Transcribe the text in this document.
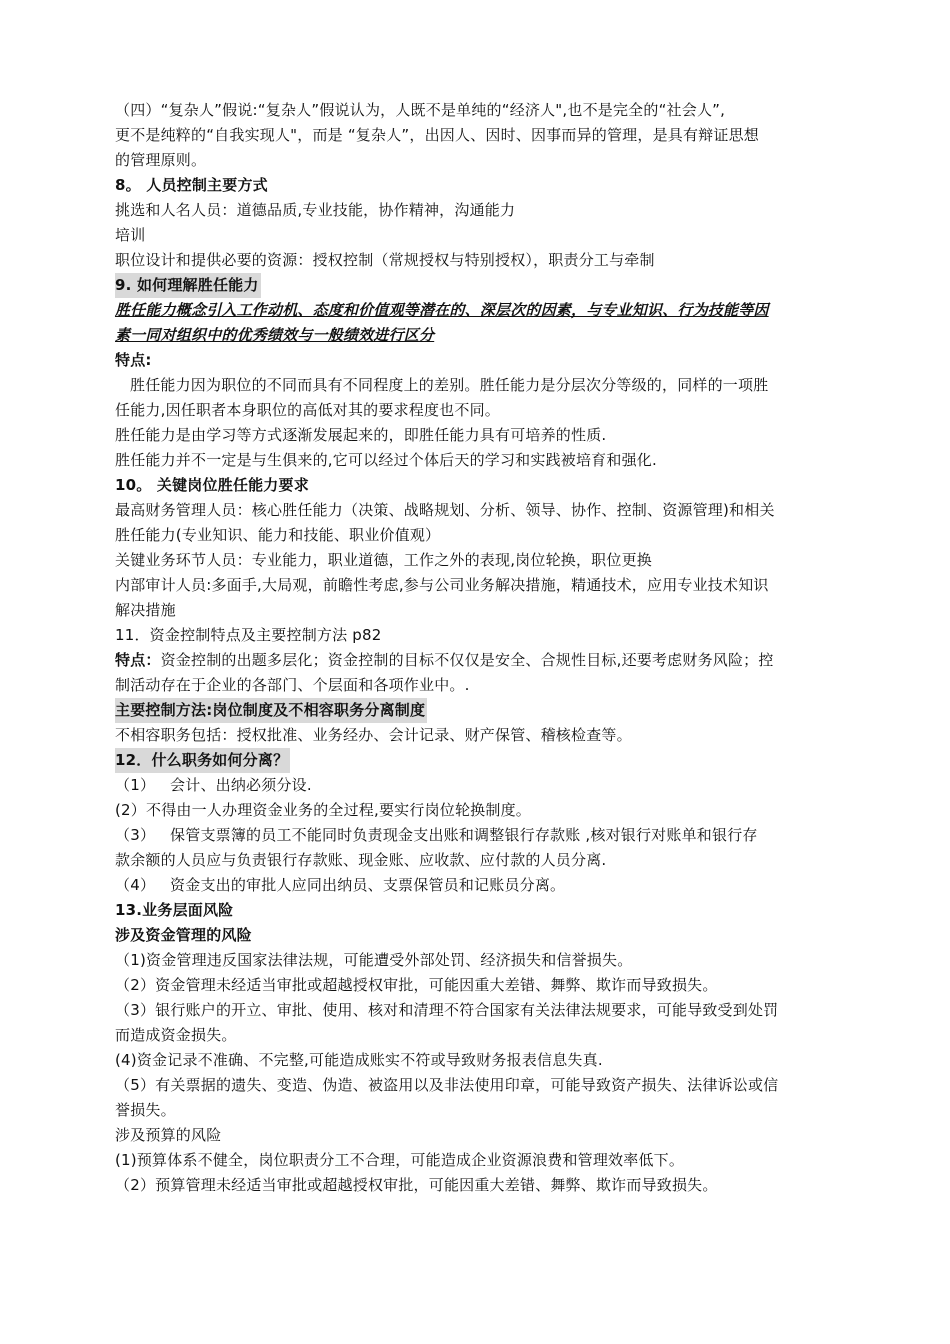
（四）“复杂人”假说:“复杂人”假说认为，人既不是单纯的“经济人",也不是完全的“社会人”,

更不是纯粹的“自我实现人"，而是 “复杂人”，出因人、因时、因事而异的管理，是具有辩证思想

的管理原则。

8。 人员控制主要方式

挑选和人名人员：道德品质,专业技能，协作精神，沟通能力

培训

职位设计和提供必要的资源：授权控制（常规授权与特别授权），职责分工与牵制

9. 如何理解胜任能力

胜任能力概念引入工作动机、态度和价值观等潜在的、深层次的因素，与专业知识、行为技能等因

素一同对组织中的优秀绩效与一般绩效进行区分

特点:

胜任能力因为职位的不同而具有不同程度上的差别。胜任能力是分层次分等级的，同样的一项胜

任能力,因任职者本身职位的高低对其的要求程度也不同。

胜任能力是由学习等方式逐渐发展起来的，即胜任能力具有可培养的性质.

胜任能力并不一定是与生俱来的,它可以经过个体后天的学习和实践被培育和强化.

10。 关键岗位胜任能力要求

最高财务管理人员：核心胜任能力（决策、战略规划、分析、领导、协作、控制、资源管理)和相关

胜任能力(专业知识、能力和技能、职业价值观）

关键业务环节人员：专业能力，职业道德，工作之外的表现,岗位轮换，职位更换

内部审计人员:多面手,大局观，前瞻性考虑,参与公司业务解决措施，精通技术，应用专业技术知识

解决措施

11．资金控制特点及主要控制方法 p82

特点：资金控制的出题多层化；资金控制的目标不仅仅是安全、合规性目标,还要考虑财务风险；控

制活动存在于企业的各部门、个层面和各项作业中。.

主要控制方法:岗位制度及不相容职务分离制度

不相容职务包括：授权批准、业务经办、会计记录、财产保管、稽核检查等。

12．什么职务如何分离？

（1）   会计、出纳必须分设.

(2）不得由一人办理资金业务的全过程,要实行岗位轮换制度。

（3）   保管支票簿的员工不能同时负责现金支出账和调整银行存款账 ,核对银行对账单和银行存

款余额的人员应与负责银行存款账、现金账、应收款、应付款的人员分离.

（4）   资金支出的审批人应同出纳员、支票保管员和记账员分离。

13.业务层面风险

涉及资金管理的风险

（1)资金管理违反国家法律法规，可能遭受外部处罚、经济损失和信誉损失。

（2）资金管理未经适当审批或超越授权审批，可能因重大差错、舞弊、欺诈而导致损失。

（3）银行账户的开立、审批、使用、核对和清理不符合国家有关法律法规要求，可能导致受到处罚

而造成资金损失。

(4)资金记录不准确、不完整,可能造成账实不符或导致财务报表信息失真.

（5）有关票据的遗失、变造、伪造、被盗用以及非法使用印章，可能导致资产损失、法律诉讼或信

誉损失。

涉及预算的风险

(1)预算体系不健全，岗位职责分工不合理，可能造成企业资源浪费和管理效率低下。

（2）预算管理未经适当审批或超越授权审批，可能因重大差错、舞弊、欺诈而导致损失。
